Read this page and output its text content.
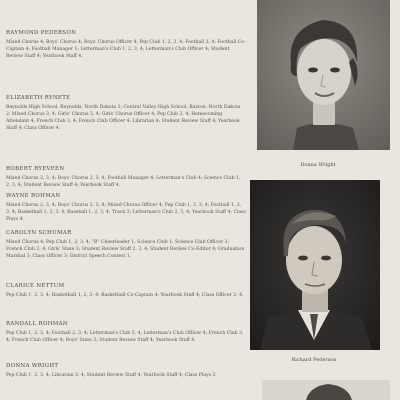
RAYMOND PEDERSON

Mixed Chorus 4; Boys' Chorus 4; Boys' Chorus Officer 4; Pep Club 1, 2, 3, 4; Football 3, 4; Football Co-Captain 4; Football Manager 1; Letterman's Club 1, 2, 3, 4; Letterman's Club Officer 4; Student Review Staff 4; Yearbook Staff 4.

ELIZABETH RYNETE

Reynolds High School, Reynolds, North Dakota 1; Central Valley High School, Buxton, North Dakota 2; Mixed Chorus 3, 4; Girls' Chorus 3, 4; Girls' Chorus Officer 4; Pep Club 3, 4; Homecoming Attendant 4; French Club 3, 4; French Club Officer 4; Librarian 4; Student Review Staff 4; Yearbook Staff 4; Class Officer 4.

ROBERT RYEVEEN

Mixed Chorus 2, 3, 4; Boys' Chorus 2, 3, 4; Football Manager 4; Letterman's Club 4; Science Club 1, 2, 3, 4; Student Review Staff 4; Yearbook Staff 4.

WAYNE ROHMAN

Mixed Chorus 2, 3, 4; Boys' Chorus 2, 3, 4; Mixed Chorus Officer 4; Pep Club 1, 2, 3, 4; Football 1, 2, 3, 4; Basketball 1, 2, 3, 4; Baseball 1, 2, 3, 4; Track 3; Letterman's Club 2, 3, 4; Yearbook Staff 4; Class Plays 4.

CAROLYN SCHUMAR

Mixed Chorus 4; Pep Club 1, 2, 3, 4; "B" Cheerleader 1; Science Club 1; Science Club Officer 3; French Club 3, 4; Girls' State 3; Student Review Staff 2, 3, 4; Student Review Co-Editor 4; Graduation Marshal 3; Class Officer 3; District Speech Contest 1.

CLARICE NETTUM

Pep Club 1, 2, 3, 4; Basketball 1, 2, 3, 4; Basketball Co-Captain 4; Yearbook Staff 4; Class Officer 2, 4.

RANDALL ROHMAN

Pep Club 1, 2, 3, 4; Football 2, 3, 4; Letterman's Club 3, 4; Letterman's Club Officer 4; French Club 3, 4; French Club Officer 4; Boys' State 3; Student Review Staff 4; Yearbook Staff 4.

DONNA WRIGHT

Pep Club 1, 2, 3, 4; Librarian 3, 4; Student Review Staff 4; Yearbook Staff 4; Class Plays 3.

Donna Wright
Richard Pederson
